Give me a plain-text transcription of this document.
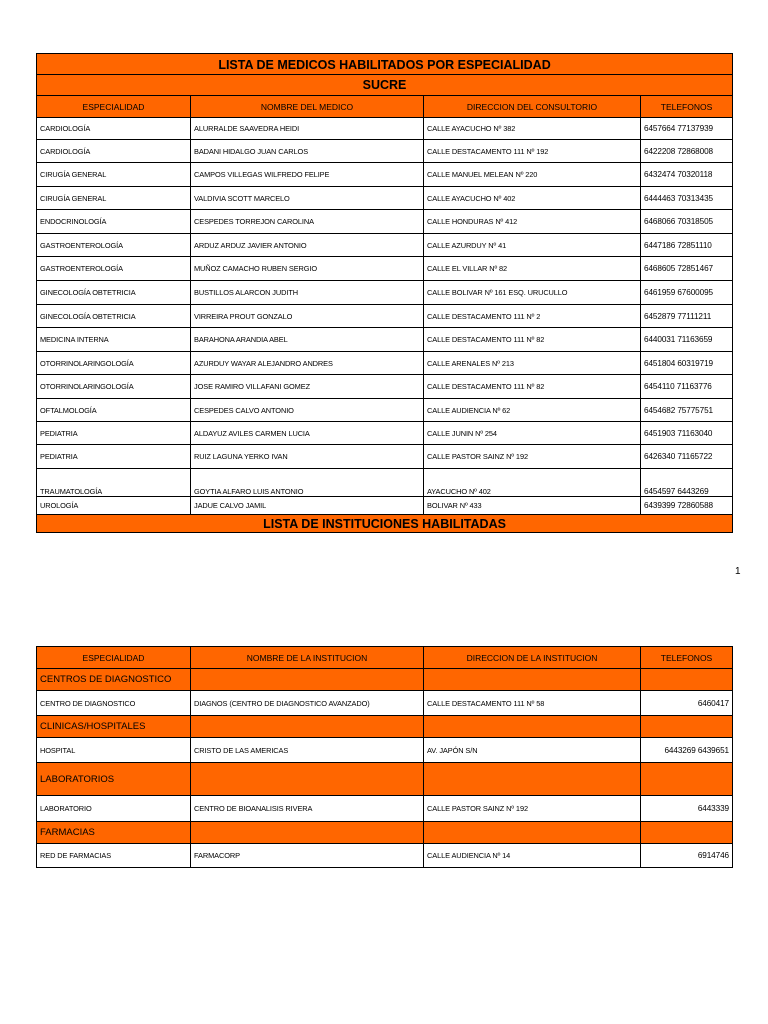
LISTA DE MEDICOS HABILITADOS POR ESPECIALIDAD			
SUCRE			
ESPECIALIDAD	NOMBRE DEL MEDICO	DIRECCION DEL CONSULTORIO	TELEFONOS
CARDIOLOGÍA	ALURRALDE SAAVEDRA HEIDI	CALLE AYACUCHO Nº 382	6457664 77137939
CARDIOLOGÍA	BADANI HIDALGO JUAN CARLOS	CALLE DESTACAMENTO 111 Nº 192	6422208 72868008
CIRUGÍA GENERAL	CAMPOS VILLEGAS WILFREDO FELIPE	CALLE MANUEL MELEAN Nº 220	6432474 70320118
CIRUGÍA GENERAL	VALDIVIA SCOTT MARCELO	CALLE AYACUCHO Nº 402	6444463 70313435
ENDOCRINOLOGÍA	CESPEDES TORREJON CAROLINA	CALLE HONDURAS Nº 412	6468066 70318505
GASTROENTEROLOGÍA	ARDUZ ARDUZ JAVIER ANTONIO	CALLE AZURDUY Nº 41	6447186 72851110
GASTROENTEROLOGÍA	MUÑOZ CAMACHO RUBEN SERGIO	CALLE EL VILLAR Nº 82	6468605 72851467
GINECOLOGÍA OBTETRICIA	BUSTILLOS ALARCON JUDITH	CALLE BOLIVAR Nº 161 ESQ. URUCULLO	6461959 67600095
GINECOLOGÍA OBTETRICIA	VIRREIRA PROUT GONZALO	CALLE DESTACAMENTO 111 Nº 2	6452879 77111211
MEDICINA INTERNA	BARAHONA ARANDIA ABEL	CALLE DESTACAMENTO 111 Nº 82	6440031 71163659
OTORRINOLARINGOLOGÍA	AZURDUY WAYAR ALEJANDRO ANDRES	CALLE ARENALES Nº 213	6451804 60319719
OTORRINOLARINGOLOGÍA	JOSE RAMIRO VILLAFANI GOMEZ	CALLE DESTACAMENTO 111 Nº 82	6454110 71163776
OFTALMOLOGÍA	CESPEDES CALVO ANTONIO	CALLE AUDIENCIA Nº 62	6454682 75775751
PEDIATRIA	ALDAYUZ AVILES CARMEN LUCIA	CALLE JUNIN Nº 254	6451903 71163040
PEDIATRIA	RUIZ LAGUNA YERKO IVAN	CALLE PASTOR SAINZ Nº 192	6426340 71165722
TRAUMATOLOGÍA	GOYTIA ALFARO LUIS ANTONIO	AYACUCHO Nº 402	6454597 6443269
UROLOGÍA	JADUE CALVO JAMIL	BOLIVAR Nº 433	6439399 72860588
LISTA DE INSTITUCIONES HABILITADAS			
1
ESPECIALIDAD	NOMBRE DE LA INSTITUCION	DIRECCION DE LA INSTITUCION	TELEFONOS
CENTROS DE DIAGNOSTICO			
CENTRO DE DIAGNOSTICO	DIAGNOS (CENTRO DE DIAGNOSTICO AVANZADO)	CALLE DESTACAMENTO 111 Nº 58	6460417
CLINICAS/HOSPITALES			
HOSPITAL	CRISTO DE LAS AMERICAS	AV. JAPÓN S/N	6443269 6439651
LABORATORIOS			
LABORATORIO	CENTRO DE BIOANALISIS RIVERA	CALLE PASTOR SAINZ Nº 192	6443339
FARMACIAS			
RED DE FARMACIAS	FARMACORP	CALLE AUDIENCIA Nº 14	6914746
